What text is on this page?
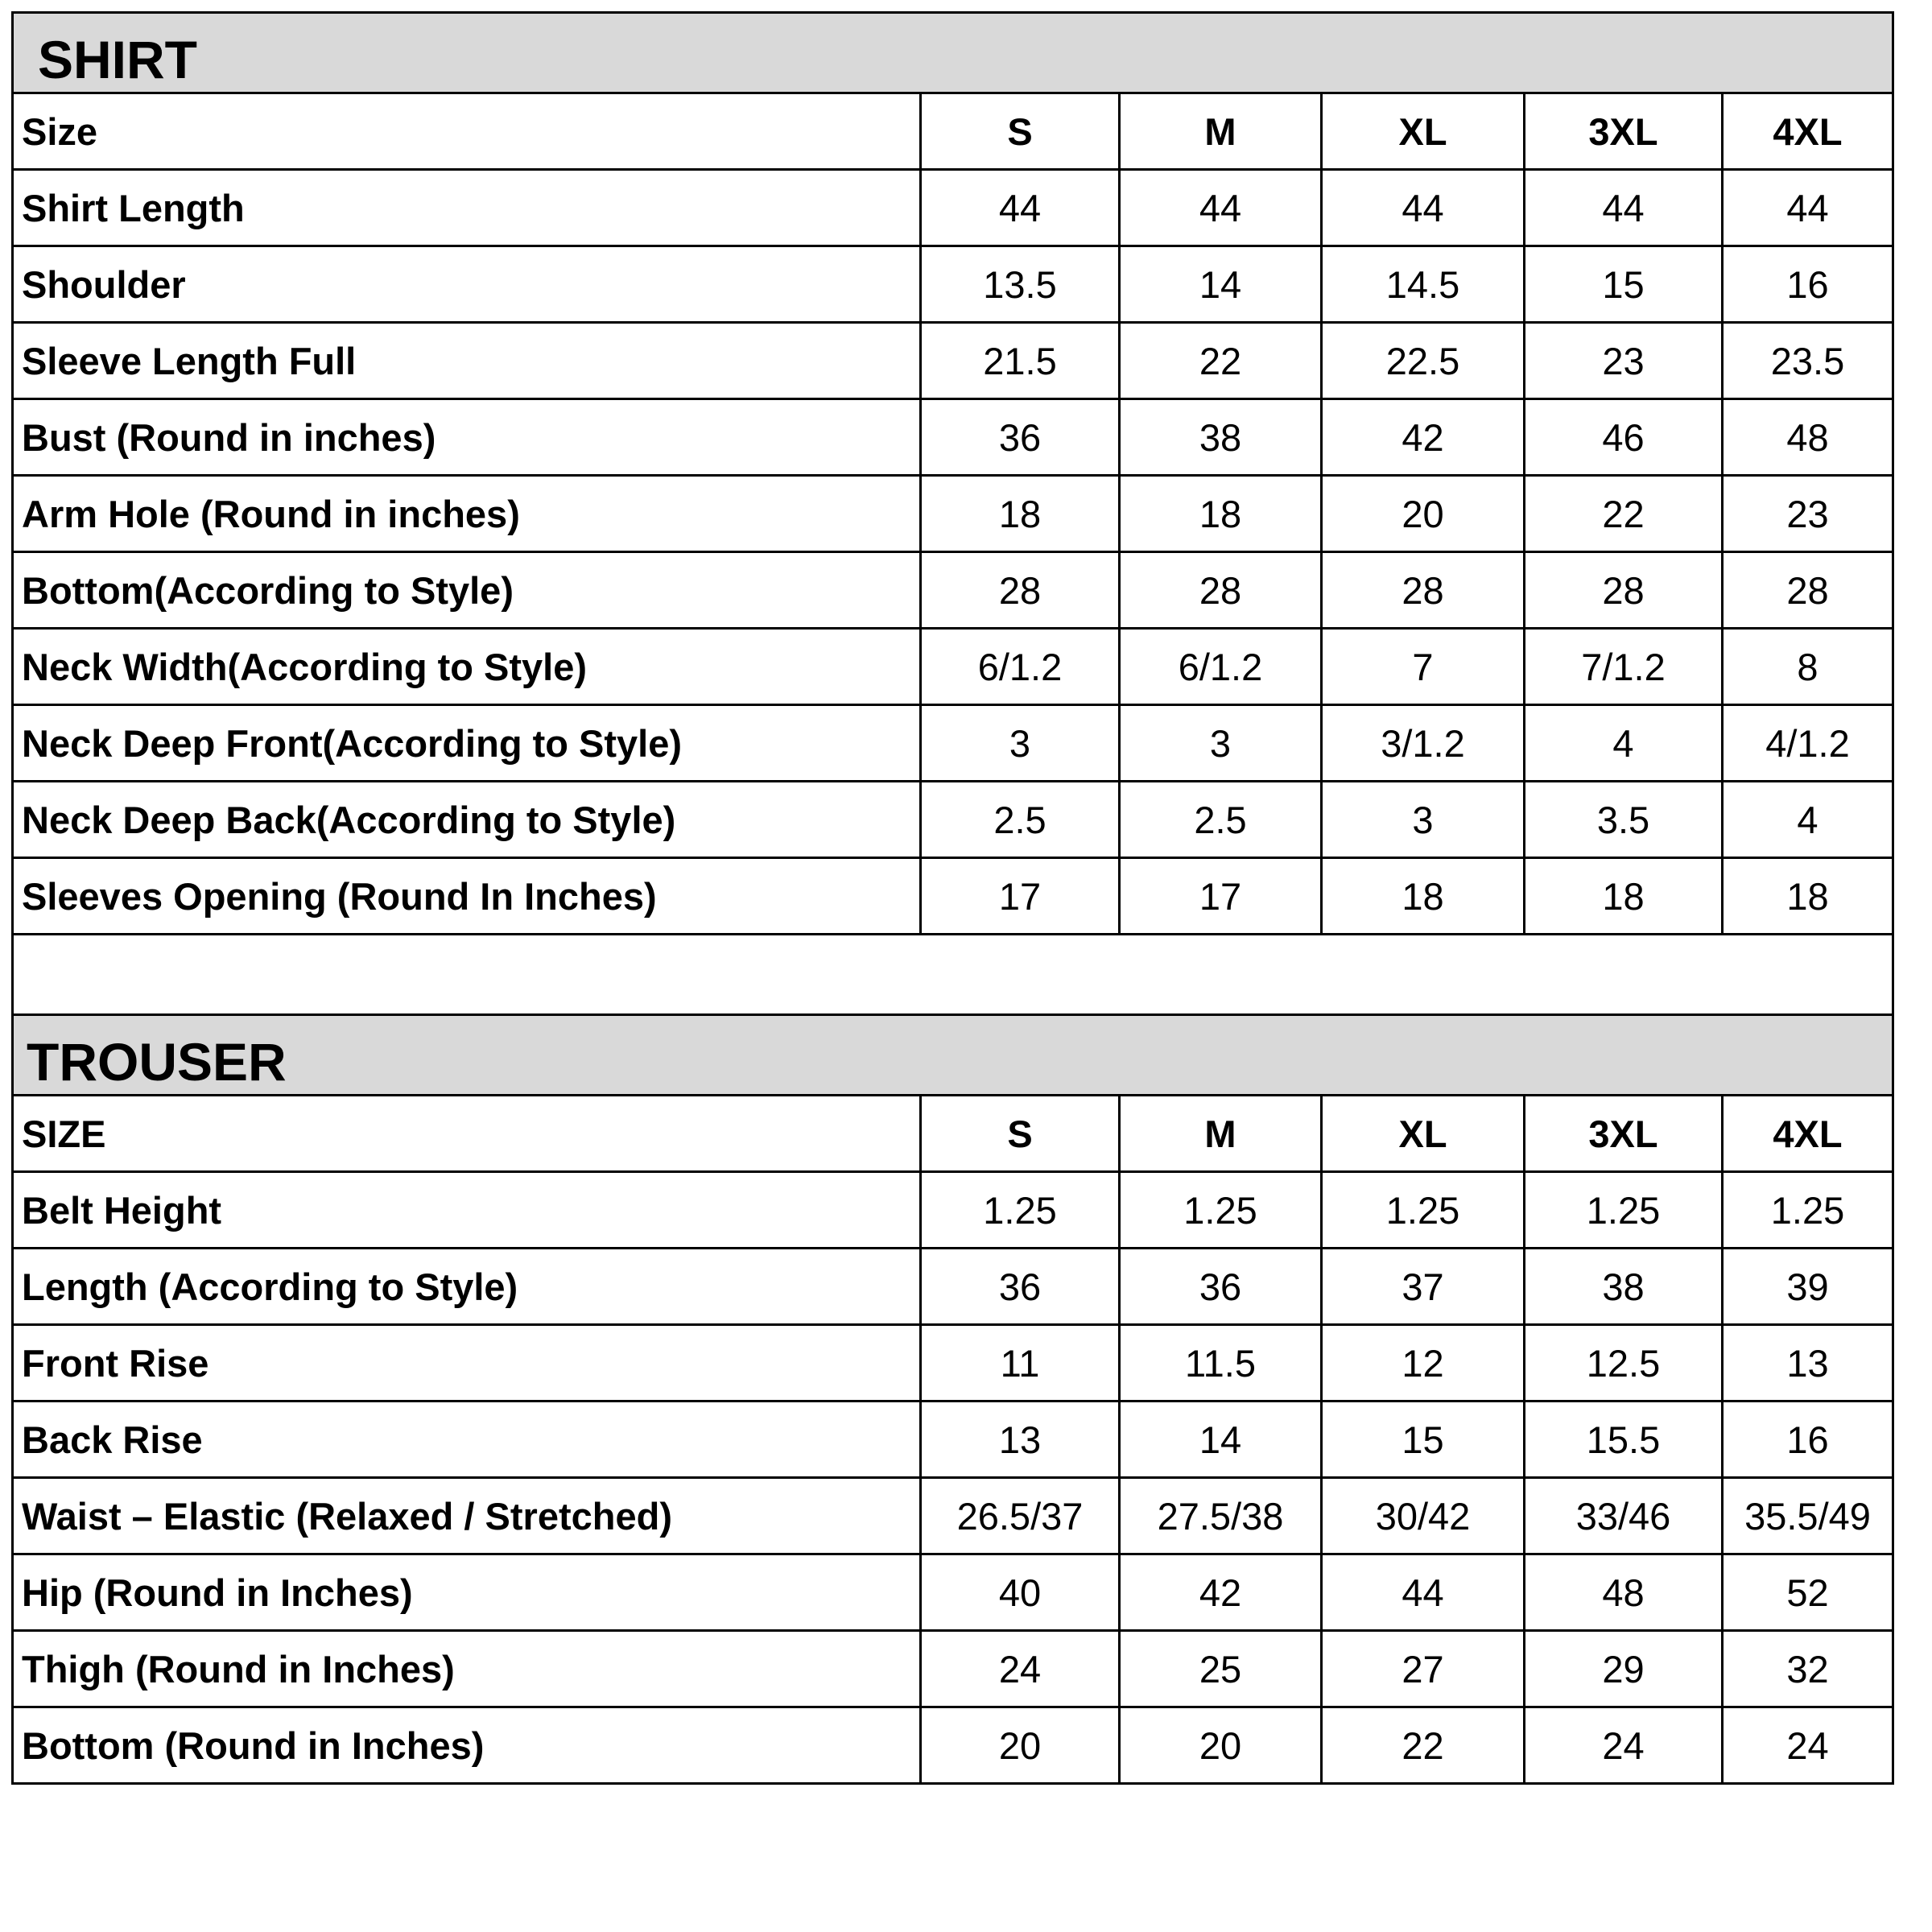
SHIRT					
Size	S	M	XL	3XL	4XL
Shirt Length	44	44	44	44	44
Shoulder	13.5	14	14.5	15	16
Sleeve Length Full	21.5	22	22.5	23	23.5
Bust (Round in inches)	36	38	42	46	48
Arm Hole (Round in inches)	18	18	20	22	23
Bottom(According to Style)	28	28	28	28	28
Neck Width(According to Style)	6/1.2	6/1.2	7	7/1.2	8
Neck Deep Front(According to Style)	3	3	3/1.2	4	4/1.2
Neck Deep Back(According to Style)	2.5	2.5	3	3.5	4
Sleeves Opening (Round In Inches)	17	17	18	18	18

TROUSER					
SIZE	S	M	XL	3XL	4XL
Belt Height	1.25	1.25	1.25	1.25	1.25
Length (According to Style)	36	36	37	38	39
Front Rise	11	11.5	12	12.5	13
Back Rise	13	14	15	15.5	16
Waist – Elastic (Relaxed / Stretched)	26.5/37	27.5/38	30/42	33/46	35.5/49
Hip (Round in Inches)	40	42	44	48	52
Thigh (Round in Inches)	24	25	27	29	32
Bottom (Round in Inches)	20	20	22	24	24
